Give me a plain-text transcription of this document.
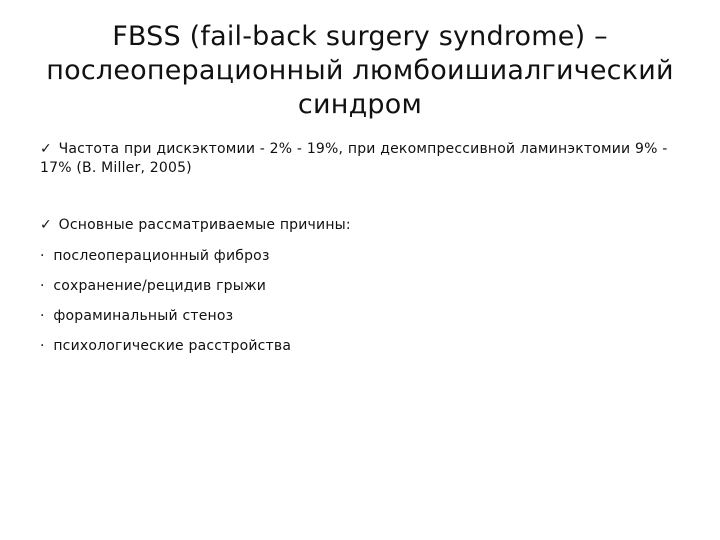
FBSS (fail-back surgery syndrome) –
послеоперационный люмбоишиалгический
синдром

✓ Частота при дискэктомии - 2% - 19%, при декомпрессивной ламинэктомии 9% - 17% (B. Miller, 2005)

✓ Основные рассматриваемые причины:

· послеоперационный фиброз
· сохранение/рецидив грыжи
· фораминальный стеноз
· психологические расстройства
